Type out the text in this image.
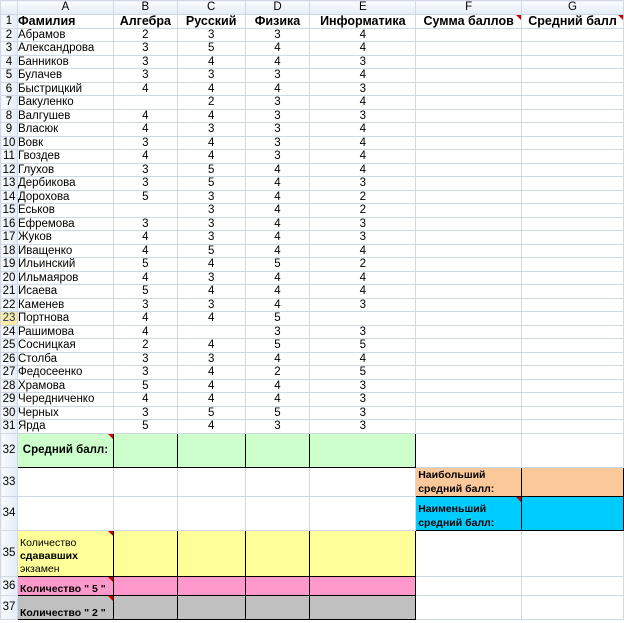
	A	B	C	D	E	F	G
1	Фамилия	Алгебра	Русский	Физика	Информатика	Сумма баллов	Средний балл
2	Абрамов	2	3	3	4		
3	Александрова	3	5	4	4		
4	Банников	3	4	4	3		
5	Булачев	3	3	3	4		
6	Быстрицкий	4	4	4	3		
7	Вакуленко		2	3	4		
8	Валгушев	4	4	3	3		
9	Власюк	4	3	3	4		
10	Вовк	3	4	3	4		
11	Гвоздев	4	4	3	4		
12	Глухов	3	5	4	4		
13	Дербикова	3	5	4	3		
14	Дорохова	5	3	4	2		
15	Еськов		3	4	2		
16	Ефремова	3	3	4	3		
17	Жуков	4	3	4	3		
18	Иващенко	4	5	4	4		
19	Ильинский	5	4	5	2		
20	Ильмаяров	4	3	4	4		
21	Исаева	5	4	4	4		
22	Каменев	3	3	4	3		
23	Портнова	4	4	5			
24	Рашимова	4		3	3		
25	Сосницкая	2	4	5	5		
26	Столба	3	3	4	4		
27	Федосеенко	3	4	2	5		
28	Храмова	5	4	4	3		
29	Чередниченко	4	4	4	3		
30	Черных	3	5	5	3		
31	Ярда	5	4	3	3		
32	Средний балл:						
33						Наибольший средний балл:	
34						Наименьший средний балл:	
35	Количество
сдававших
экзамен						
36	Количество " 5 "						
37	Количество " 2 "						
